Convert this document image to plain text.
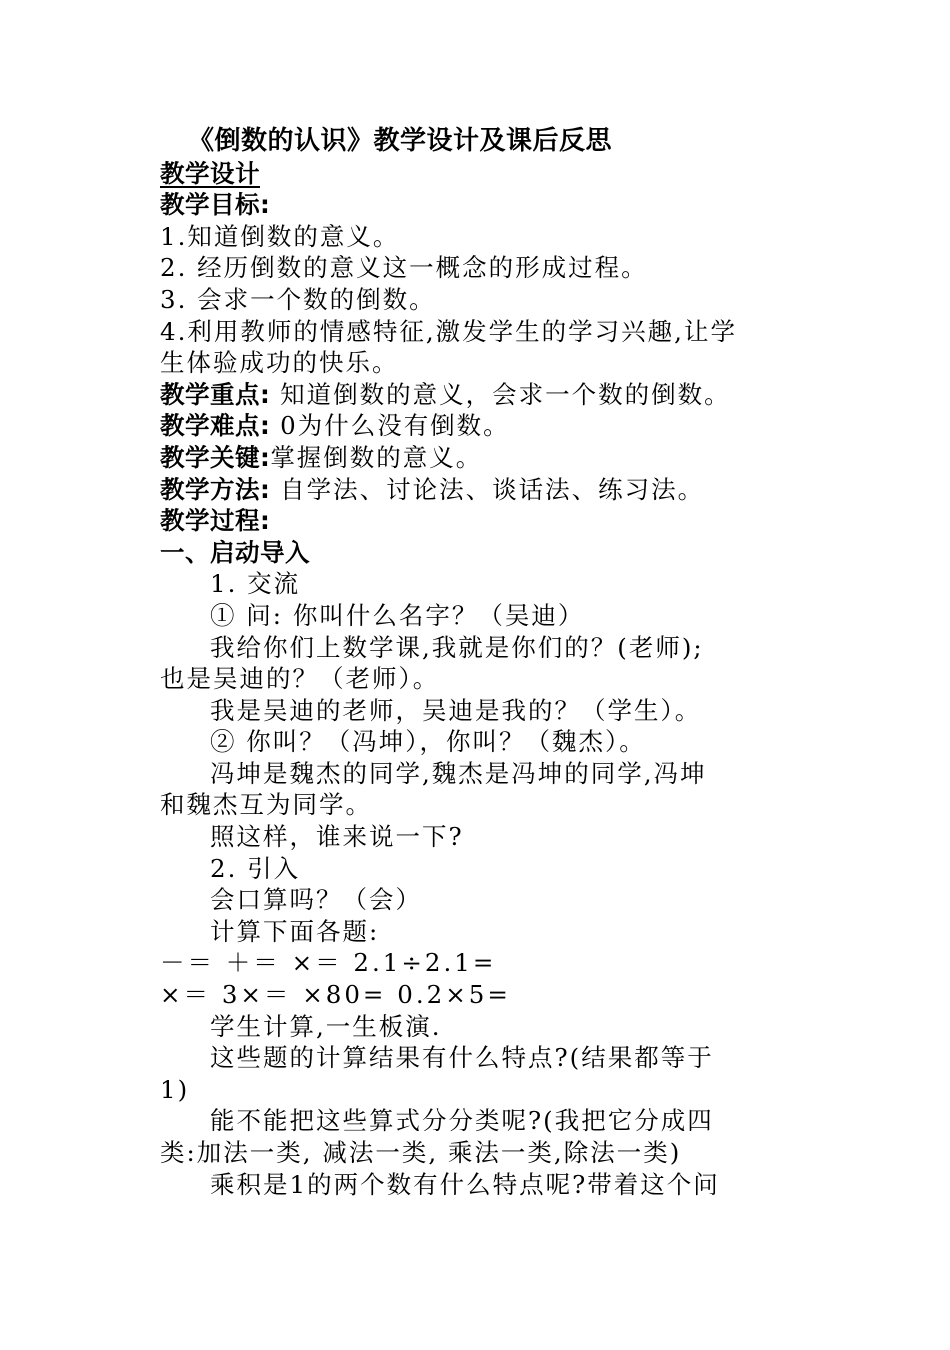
《倒数的认识》教学设计及课后反思
教学设计
教学目标:
1.知道倒数的意义。
2. 经历倒数的意义这一概念的形成过程。
3. 会求一个数的倒数。
4.利用教师的情感特征,激发学生的学习兴趣,让学
生体验成功的快乐。
教学重点: 知道倒数的意义，会求一个数的倒数。
教学难点: 0为什么没有倒数。
教学关键:掌握倒数的意义。
教学方法: 自学法、讨论法、谈话法、练习法。
教学过程:
一、启动导入
1. 交流
① 问: 你叫什么名字？（吴迪）
我给你们上数学课,我就是你们的？(老师);
也是吴迪的？（老师）。
我是吴迪的老师，吴迪是我的？（学生）。
② 你叫？（冯坤），你叫？（魏杰）。
冯坤是魏杰的同学,魏杰是冯坤的同学,冯坤
和魏杰互为同学。
照这样，谁来说一下?
2. 引入
会口算吗？（会）
计算下面各题:
－＝ ＋＝ ×＝ 2.1÷2.1=
×＝ 3×＝ ×80= 0.2×5=
学生计算,一生板演.
这些题的计算结果有什么特点?(结果都等于
1)
能不能把这些算式分分类呢?(我把它分成四
类:加法一类, 减法一类, 乘法一类,除法一类)
乘积是1的两个数有什么特点呢?带着这个问
